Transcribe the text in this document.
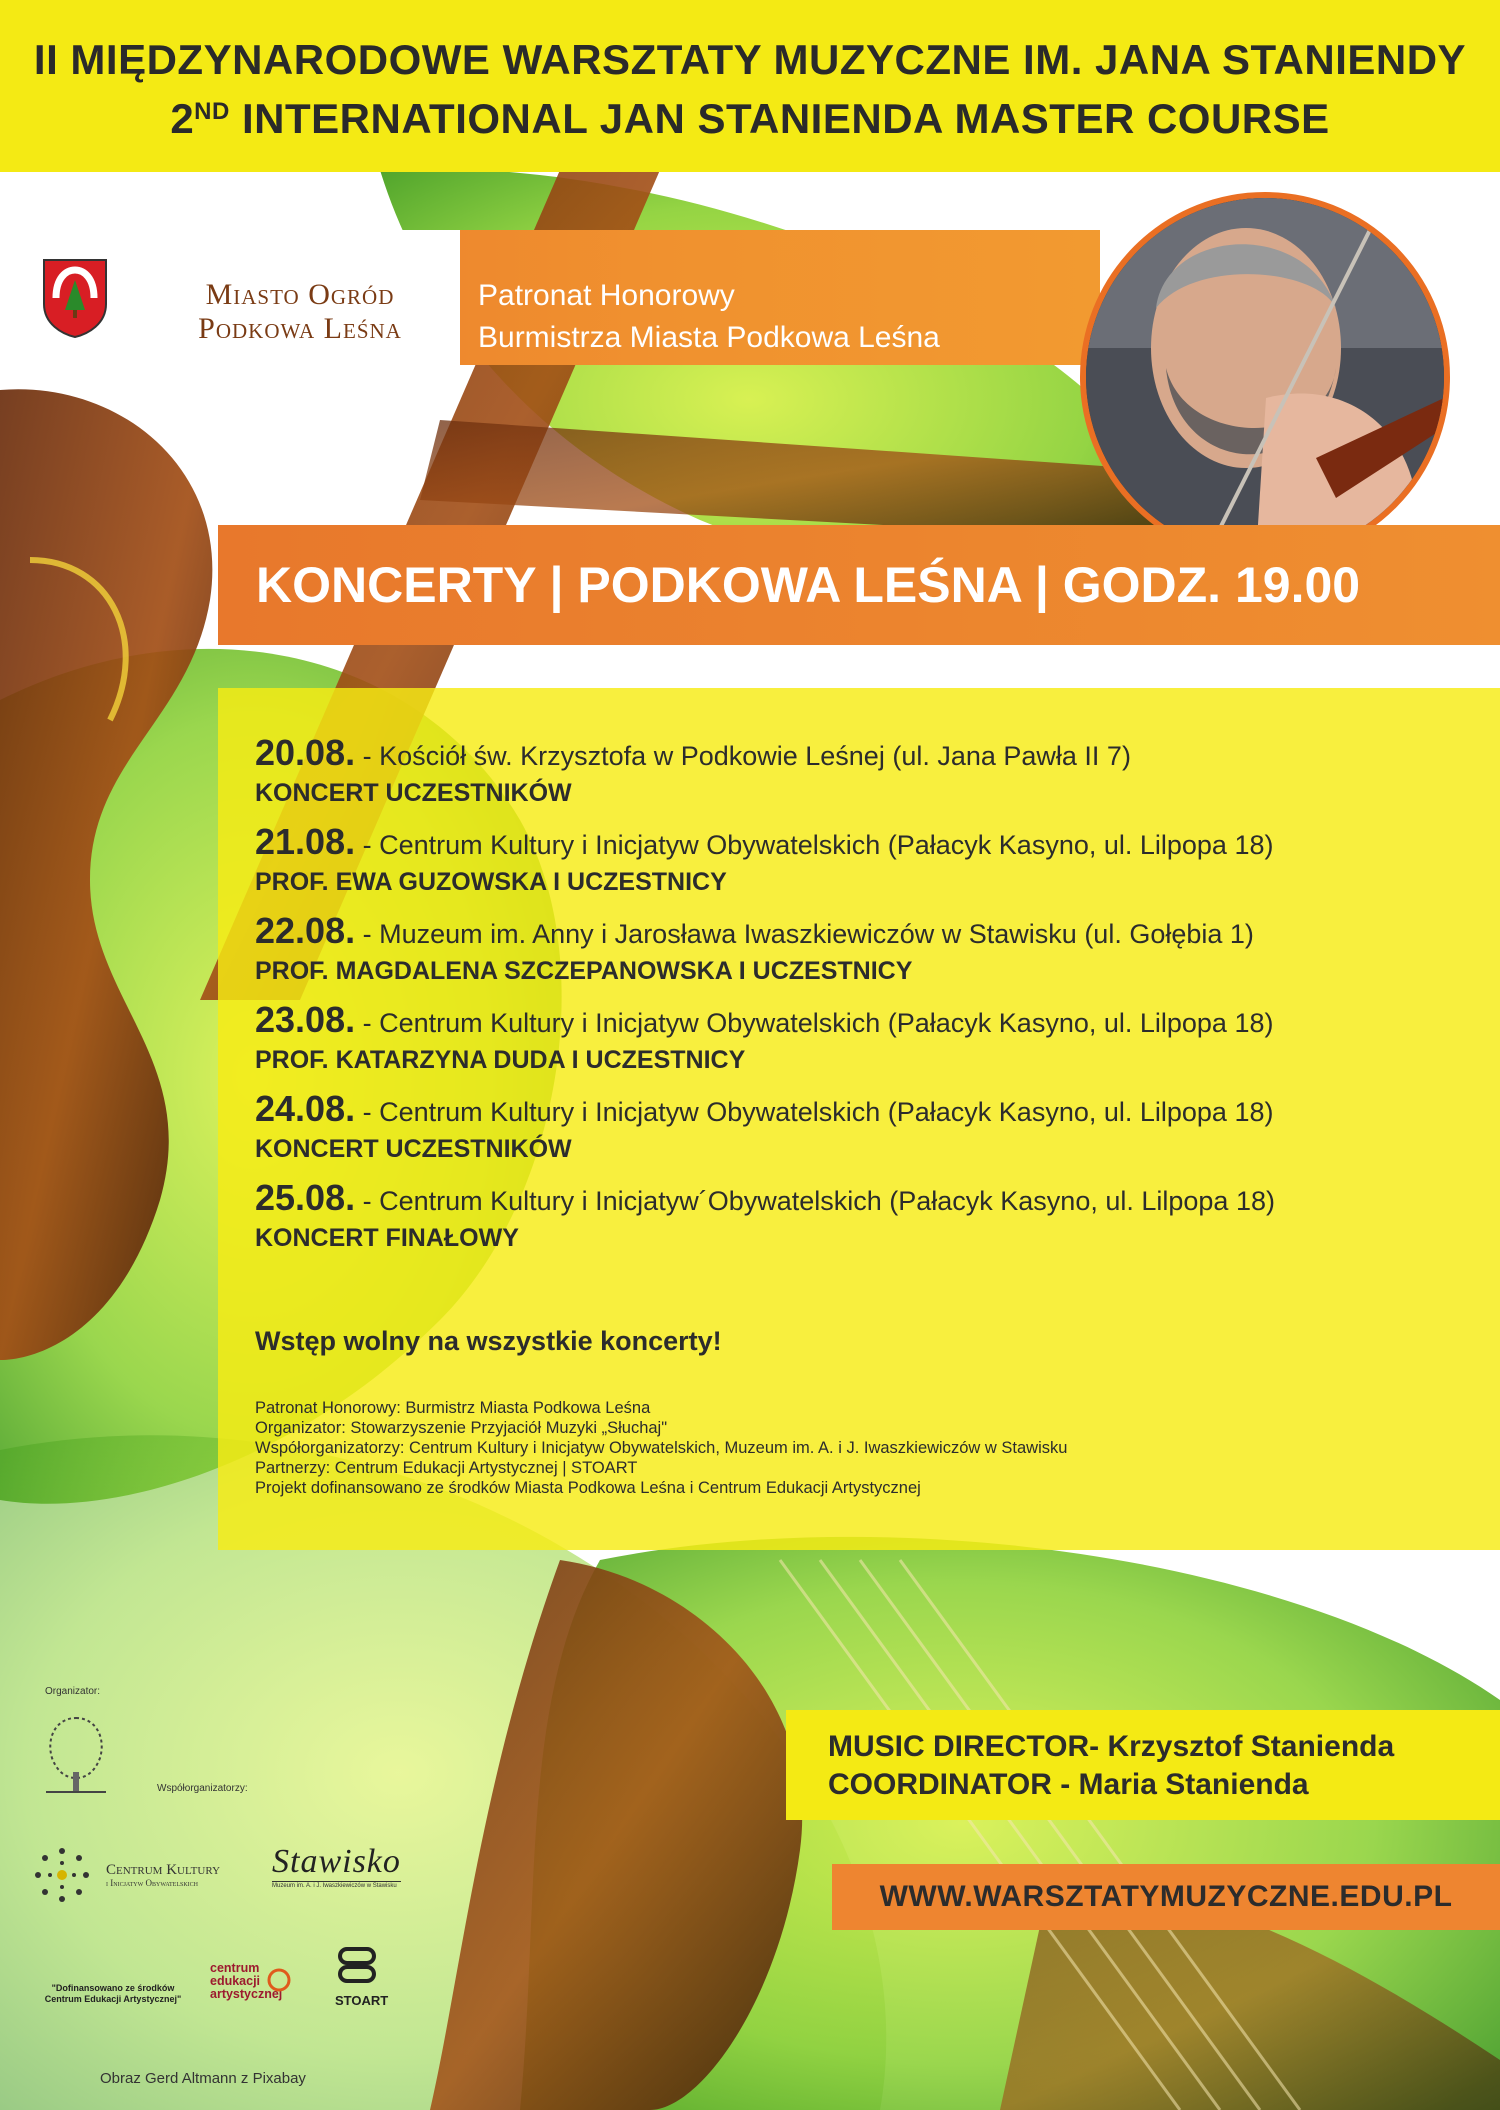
II MIĘDZYNARODOWE WARSZTATY MUZYCZNE IM. JANA STANIENDY
2ND INTERNATIONAL JAN STANIENDA MASTER COURSE
Miasto Ogród
Podkowa Leśna
Patronat Honorowy
Burmistrza Miasta Podkowa Leśna
KONCERTY | PODKOWA LEŚNA | GODZ. 19.00
20.08. - Kościół św. Krzysztofa w Podkowie Leśnej (ul. Jana Pawła II 7)
KONCERT UCZESTNIKÓW
21.08. - Centrum Kultury i Inicjatyw Obywatelskich (Pałacyk Kasyno, ul. Lilpopa 18)
PROF. EWA GUZOWSKA I UCZESTNICY
22.08. - Muzeum im. Anny i Jarosława Iwaszkiewiczów w Stawisku (ul. Gołębia 1)
PROF. MAGDALENA SZCZEPANOWSKA I UCZESTNICY
23.08. - Centrum Kultury i Inicjatyw Obywatelskich (Pałacyk Kasyno, ul. Lilpopa 18)
PROF. KATARZYNA DUDA I UCZESTNICY
24.08. - Centrum Kultury i Inicjatyw Obywatelskich (Pałacyk Kasyno, ul. Lilpopa 18)
KONCERT UCZESTNIKÓW
25.08. - Centrum Kultury i Inicjatyw´Obywatelskich (Pałacyk Kasyno, ul. Lilpopa 18)
KONCERT FINAŁOWY
Wstęp wolny na wszystkie koncerty!
Patronat Honorowy: Burmistrz Miasta Podkowa Leśna
Organizator: Stowarzyszenie Przyjaciół Muzyki „Słuchaj"
Współorganizatorzy: Centrum Kultury i Inicjatyw Obywatelskich, Muzeum im. A. i J. Iwaszkiewiczów w Stawisku
Partnerzy: Centrum Edukacji Artystycznej | STOART
Projekt dofinansowano ze środków Miasta Podkowa Leśna i Centrum Edukacji Artystycznej
MUSIC DIRECTOR- Krzysztof Stanienda
COORDINATOR - Maria Stanienda
WWW.WARSZTATYMUZYCZNE.EDU.PL
Organizator:
Współorganizatorzy:
Centrum Kultury
i Inicjatyw Obywatelskich
Stawisko
Muzeum im. A. i J. Iwaszkiewiczów w Stawisku
"Dofinansowano ze środków
Centrum Edukacji Artystycznej"
centrum
edukacji
artystycznej	STOART
Obraz Gerd Altmann z Pixabay
